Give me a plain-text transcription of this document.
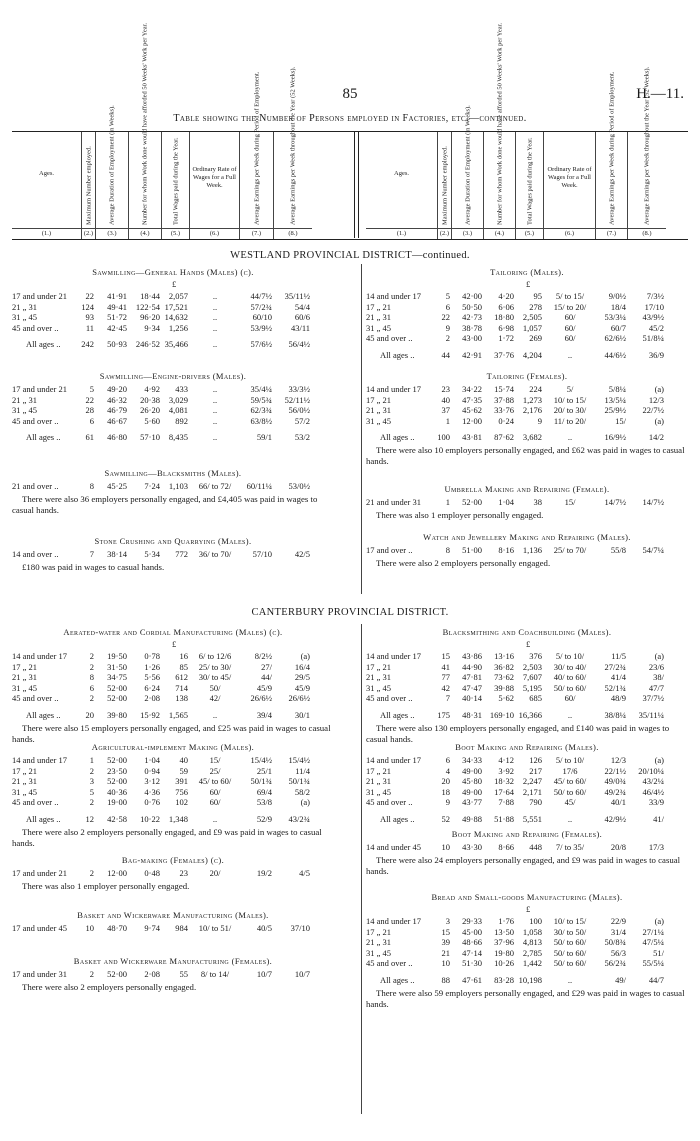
85	H.—11.
Table showing the Number of Persons employed in Factories, etc.—continued.
Ages.
(1.)
Maximum Number employed.
(2.)
Average Duration of Employment (in Weeks).
(3.)
Number for whom Work done would have afforded 50 Weeks' Work per Year.
(4.)
Total Wages paid during the Year.
(5.)
Ordinary Rate of Wages for a Full Week.
(6.)
Average Earnings per Week during Period of Employment.
(7.)
Average Earnings per Week throughout the Year (52 Weeks).
(8.)
Ages.
(1.)
Maximum Number employed.
(2.)
Average Duration of Employment (in Weeks).
(3.)
Number for whom Work done would have afforded 50 Weeks' Work per Year.
(4.)
Total Wages paid during the Year.
(5.)
Ordinary Rate of Wages for a Full Week.
(6.)
Average Earnings per Week during Period of Employment.
(7.)
Average Earnings per Week throughout the Year (52 Weeks).
(8.)
WESTLAND PROVINCIAL DISTRICT—continued.
CANTERBURY PROVINCIAL DISTRICT.
Sawmilling—General Hands (Males) (c).
£
17 and under 21 22 41·91 18·44 2,057	..	44/7½ 35/11½
21 „ 31	124 49·41 122·54 17,521	..	57/2¾	54/4
31 „ 45	93 51·72 96·20 14,632	..	60/10	60/6
45 and over ..	11 42·45 9·34 1,256	..	53/9½ 43/11
All ages .. 242 50·93 246·52 35,466	..	57/6½ 56/4½
Sawmilling—Engine-drivers (Males).
17 and under 21	5 49·20 4·92 433	..	35/4¼ 33/3½
21 „ 31	22 46·32 20·38 3,029	..	59/5¾ 52/11½
31 „ 45	28 46·79 26·20 4,081	..	62/3¾ 56/0½
45 and over ..	6 46·67 5·60 892	..	63/8½	57/2
All ages ..	61 46·80 57·10 8,435	..	59/1	53/2
Sawmilling—Blacksmiths (Males).
21 and over ..	8 45·25 7·24 1,103	66/ to 72/	60/11¼ 53/0½
There were also 36 employers personally engaged, and £4,405 was paid in wages to casual hands.
Stone Crushing and Quarrying (Males).
14 and over ..	7 38·14 5·34 772	36/ to 70/	57/10	42/5
£180 was paid in wages to casual hands.
Tailoring (Males).
£
14 and under 17	5 42·00 4·20 95	5/ to 15/	9/0½ 7/3½
17 „ 21	6 50·50 6·06 278	15/ to 20/	18/4 17/10
21 „ 31	22 42·73 18·80 2,505	60/	53/3¼ 43/9½
31 „ 45	9 38·78 6·98 1,057	60/	60/7	45/2
45 and over ..	2 43·00 1·72 269	60/	62/6½ 51/8¼
All ages ..	44 42·91 37·76 4,204	..	44/6½	36/9
Tailoring (Females).
14 and under 17 23 34·22 15·74 224	5/	5/8¼	(a)
17 „ 21	40 47·35 37·88 1,273	10/ to 15/	13/5¼	12/3
21 „ 31	37 45·62 33·76 2,176	20/ to 30/	25/9½ 22/7½
31 „ 45	1 12·00 0·24	9	11/ to 20/	15/	(a)
All ages ..	100 43·81 87·62 3,682	..	16/9½	14/2
There were also 10 employers personally engaged, and £62 was paid in wages to casual hands.
Umbrella Making and Repairing (Female).
21 and under 31	1 52·00 1·04 38	15/	14/7½ 14/7½
There was also 1 employer personally engaged.
Watch and Jewellery Making and Repairing (Males).
17 and over ..	8 51·00 8·16 1,136	25/ to 70/	55/8 54/7¼
There were also 2 employers personally engaged.
Aerated-water and Cordial Manufacturing (Males) (c).
£
14 and under 17	2 19·50 0·78 16	6/ to 12/6	8/2½	(a)
17 „ 21	2 31·50 1·26 85	25/ to 30/	27/	16/4
21 „ 31	8 34·75 5·56 612	30/ to 45/	44/	29/5
31 „ 45	6 52·00 6·24 714	50/	45/9	45/9
45 and over ..	2 52·00 2·08 138	42/	26/6½ 26/6½
All ages ..	20 39·80 15·92 1,565	..	39/4	30/1
There were also 15 employers personally engaged, and £25 was paid in wages to casual hands.
Agricultural-implement Making (Males).
14 and under 17	1 52·00 1·04 40	15/	15/4½ 15/4½
17 „ 21	2 23·50 0·94 59	25/	25/1	11/4
21 „ 31	3 52·00 3·12 391	45/ to 60/	50/1¾ 50/1¾
31 „ 45	5 40·36 4·36 756	60/	69/4	58/2
45 and over ..	2 19·00 0·76 102	60/	53/8	(a)
All ages ..	12 42·58 10·22 1,348	..	52/9 43/2¾
There were also 2 employers personally engaged, and £9 was paid in wages to casual hands.
Bag-making (Females) (c).
17 and under 21	2 12·00 0·48 23	20/	19/2	4/5
There was also 1 employer personally engaged.
Basket and Wickerware Manufacturing (Males).
17 and under 45 10 48·70 9·74 984	10/ to 51/	40/5 37/10
Basket and Wickerware Manufacturing (Females).
17 and under 31	2 52·00 2·08 55	8/ to 14/	10/7	10/7
There were also 2 employers personally engaged.
Blacksmithing and Coachbuilding (Males).
£
14 and under 17 15 43·86 13·16 376	5/ to 10/	11/5	(a)
17 „ 21	41 44·90 36·82 2,503	30/ to 40/	27/2¾	23/6
21 „ 31	77 47·81 73·62 7,607	40/ to 60/	41/4	38/
31 „ 45	42 47·47 39·88 5,195	50/ to 60/	52/1¾	47/7
45 and over ..	7 40·14 5·62 685	60/	48/9 37/7½
All ages ..	175 48·31 169·10 16,366	..	38/8¼ 35/11¼
There were also 130 employers personally engaged, and £140 was paid in wages to casual hands.
Boot Making and Repairing (Males).
14 and under 17	6 34·33 4·12 126	5/ to 10/	12/3	(a)
17 „ 21	4 49·00 3·92 217	17/6	22/1½ 20/10¼
21 „ 31	20 45·80 18·32 2,247	45/ to 60/	49/0¾ 43/2¼
31 „ 45	18 49·00 17·64 2,171	50/ to 60/	49/2¾ 46/4½
45 and over ..	9 43·77 7·88 790	45/	40/1	33/9
All ages ..	52 49·88 51·88 5,551	..	42/9½	41/
Boot Making and Repairing (Females).
14 and under 45 10 43·30 8·66 448	7/ to 35/	20/8	17/3
There were also 24 employers personally engaged, and £9 was paid in wages to casual hands.
Bread and Small-goods Manufacturing (Males).
£
14 and under 17	3 29·33 1·76 100	10/ to 15/	22/9	(a)
17 „ 21	15 45·00 13·50 1,058	30/ to 50/	31/4 27/1¼
21 „ 31	39 48·66 37·96 4,813	50/ to 60/	50/8¾ 47/5¼
31 „ 45	21 47·14 19·80 2,785	50/ to 60/	56/3	51/
45 and over ..	10 51·30 10·26 1,442	50/ to 60/	56/2¾ 55/5¼
All ages ..	88 47·61 83·28 10,198	..	49/	44/7
There were also 59 employers personally engaged, and £29 was paid in wages to casual hands.
